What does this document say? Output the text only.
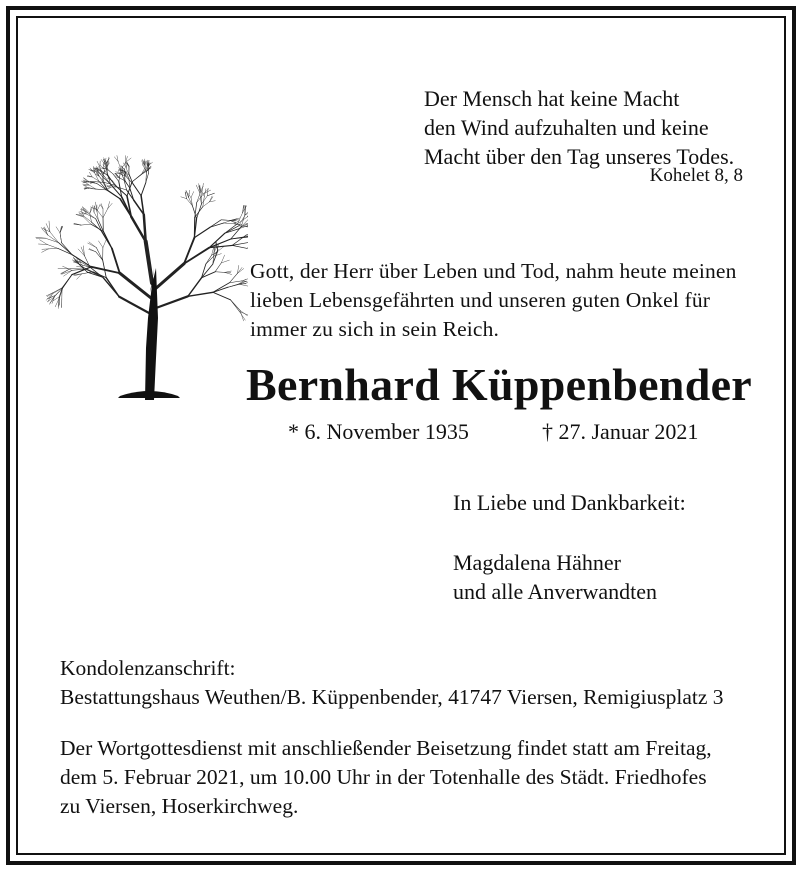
Der Mensch hat keine Macht
den Wind aufzuhalten und keine
Macht über den Tag unseres Todes.
Kohelet 8, 8
Gott, der Herr über Leben und Tod, nahm heute meinen
lieben Lebensgefährten und unseren guten Onkel für
immer zu sich in sein Reich.
Bernhard Küppenbender
* 6. November 1935	† 27. Januar 2021
In Liebe und Dankbarkeit:
Magdalena Hähner
und alle Anverwandten
Kondolenzanschrift:
Bestattungshaus Weuthen/B. Küppenbender, 41747 Viersen, Remigiusplatz 3
Der Wortgottesdienst mit anschließender Beisetzung findet statt am Freitag,
dem 5. Februar 2021, um 10.00 Uhr in der Totenhalle des Städt. Friedhofes
zu Viersen, Hoserkirchweg.
